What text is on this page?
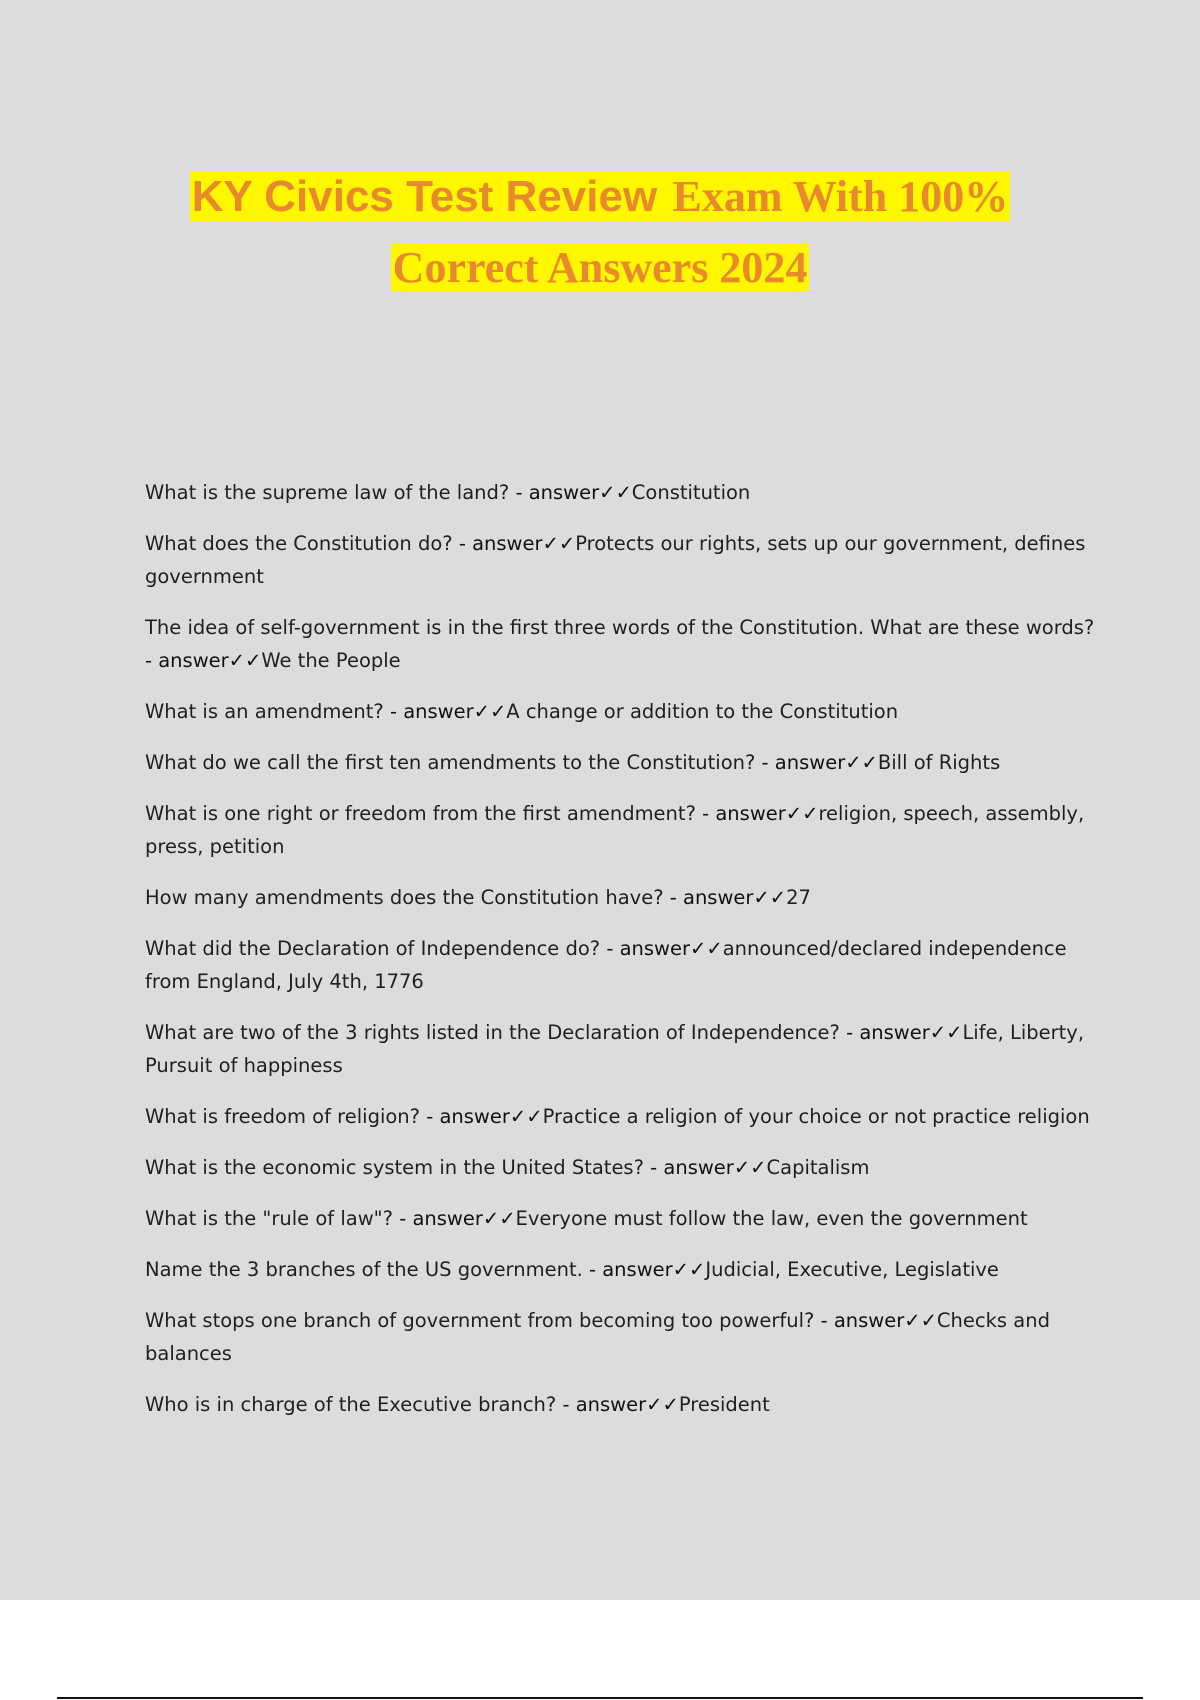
KY Civics Test Review Exam With 100%
Correct Answers 2024
What is the supreme law of the land? - answer✓✓Constitution
What does the Constitution do? - answer✓✓Protects our rights, sets up our government, defines government
The idea of self-government is in the first three words of the Constitution. What are these words? - answer✓✓We the People
What is an amendment? - answer✓✓A change or addition to the Constitution
What do we call the first ten amendments to the Constitution? - answer✓✓Bill of Rights
What is one right or freedom from the first amendment? - answer✓✓religion, speech, assembly, press, petition
How many amendments does the Constitution have? - answer✓✓27
What did the Declaration of Independence do? - answer✓✓announced/declared independence from England, July 4th, 1776
What are two of the 3 rights listed in the Declaration of Independence? - answer✓✓Life, Liberty, Pursuit of happiness
What is freedom of religion? - answer✓✓Practice a religion of your choice or not practice religion
What is the economic system in the United States? - answer✓✓Capitalism
What is the "rule of law"? - answer✓✓Everyone must follow the law, even the government
Name the 3 branches of the US government. - answer✓✓Judicial, Executive, Legislative
What stops one branch of government from becoming too powerful? - answer✓✓Checks and balances
Who is in charge of the Executive branch? - answer✓✓President
